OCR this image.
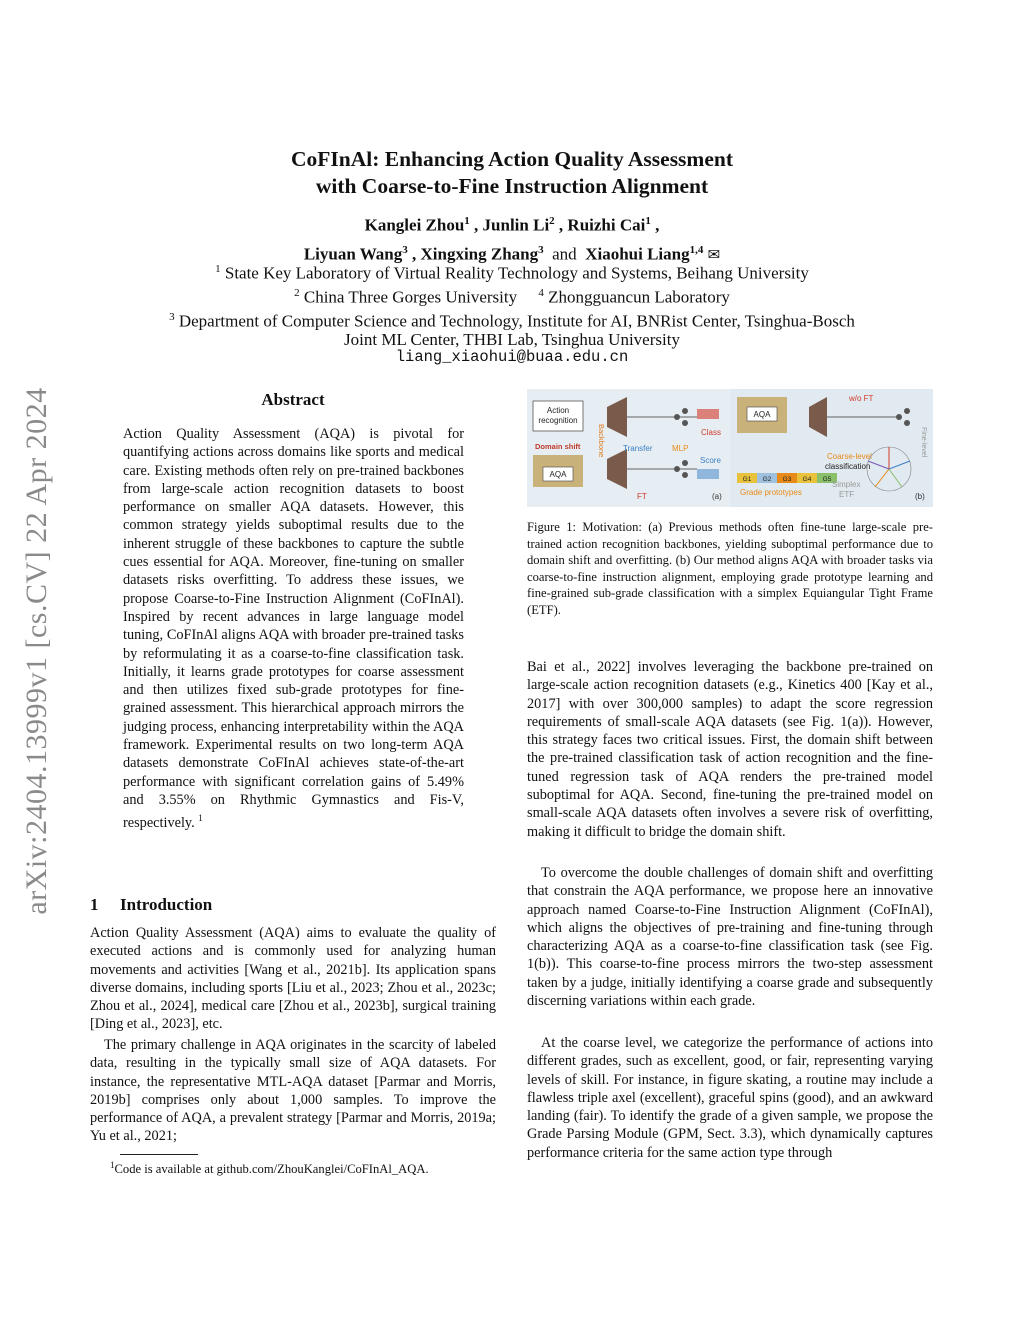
CoFInAl: Enhancing Action Quality Assessment
with Coarse-to-Fine Instruction Alignment
Kanglei Zhou$^1$ , Junlin Li$^2$ , Ruizhi Cai$^1$ ,
Liyuan Wang$^3$ , Xingxing Zhang$^3$ and Xiaohui Liang$^{1,4}$ ✉
$^1$ State Key Laboratory of Virtual Reality Technology and Systems, Beihang University
$^2$ China Three Gorges University $^4$ Zhongguancun Laboratory
$^3$ Department of Computer Science and Technology, Institute for AI, BNRist Center, Tsinghua-Bosch
Joint ML Center, THBI Lab, Tsinghua University
liang_xiaohui@buaa.edu.cn
arXiv:2404.13999v1 [cs.CV] 22 Apr 2024	Abstract
Action Quality Assessment (AQA) is pivotal for quantifying actions across domains like sports and medical care. Existing methods often rely on pre-trained backbones from large-scale action recognition datasets to boost performance on smaller AQA datasets. However, this common strategy yields suboptimal results due to the inherent struggle of these backbones to capture the subtle cues essential for AQA. Moreover, fine-tuning on smaller datasets risks overfitting. To address these issues, we propose Coarse-to-Fine Instruction Alignment (CoFInAl). Inspired by recent advances in large language model tuning, CoFInAl aligns AQA with broader pre-trained tasks by reformulating it as a coarse-to-fine classification task. Initially, it learns grade prototypes for coarse assessment and then utilizes fixed sub-grade prototypes for fine-grained assessment. This hierarchical approach mirrors the judging process, enhancing interpretability within the AQA framework. Experimental results on two long-term AQA datasets demonstrate CoFInAl achieves state-of-the-art performance with significant correlation gains of 5.49% and 3.55% on Rhythmic Gymnastics and Fis-V, respectively. $^1$
1 Introduction
Action Quality Assessment (AQA) aims to evaluate the quality of executed actions and is commonly used for analyzing human movements and activities [Wang et al., 2021b]. Its application spans diverse domains, including sports [Liu et al., 2023; Zhou et al., 2023c; Zhou et al., 2024], medical care [Zhou et al., 2023b], surgical training [Ding et al., 2023], etc.
The primary challenge in AQA originates in the scarcity of labeled data, resulting in the typically small size of AQA datasets. For instance, the representative MTL-AQA dataset [Parmar and Morris, 2019b] comprises only about 1,000 samples. To improve the performance of AQA, a prevalent strategy [Parmar and Morris, 2019a; Yu et al., 2021;
$^1$Code is available at github.com/ZhouKanglei/CoFInAl_AQA.
Action
recognition
Domain shift
AQA
Backbone Transfer MLP
Class
Score
FT	(a)
AQA
w/o FT
Coarse-level
classification
G1 G2 G3 G4 G5
Grade prototypes
Simplex
ETF
Fine-level
(b)
Figure 1: Motivation: (a) Previous methods often fine-tune large-scale pre-trained action recognition backbones, yielding suboptimal performance due to domain shift and overfitting. (b) Our method aligns AQA with broader tasks via coarse-to-fine instruction alignment, employing grade prototype learning and fine-grained sub-grade classification with a simplex Equiangular Tight Frame (ETF).
Bai et al., 2022] involves leveraging the backbone pre-trained on large-scale action recognition datasets (e.g., Kinetics 400 [Kay et al., 2017] with over 300,000 samples) to adapt the score regression requirements of small-scale AQA datasets (see Fig. 1(a)). However, this strategy faces two critical issues. First, the domain shift between the pre-trained classification task of action recognition and the fine-tuned regression task of AQA renders the pre-trained model suboptimal for AQA. Second, fine-tuning the pre-trained model on small-scale AQA datasets often involves a severe risk of overfitting, making it difficult to bridge the domain shift.
To overcome the double challenges of domain shift and overfitting that constrain the AQA performance, we propose here an innovative approach named Coarse-to-Fine Instruction Alignment (CoFInAl), which aligns the objectives of pre-training and fine-tuning through characterizing AQA as a coarse-to-fine classification task (see Fig. 1(b)). This coarse-to-fine process mirrors the two-step assessment taken by a judge, initially identifying a coarse grade and subsequently discerning variations within each grade.
At the coarse level, we categorize the performance of actions into different grades, such as excellent, good, or fair, representing varying levels of skill. For instance, in figure skating, a routine may include a flawless triple axel (excellent), graceful spins (good), and an awkward landing (fair). To identify the grade of a given sample, we propose the Grade Parsing Module (GPM, Sect. 3.3), which dynamically captures performance criteria for the same action type through
